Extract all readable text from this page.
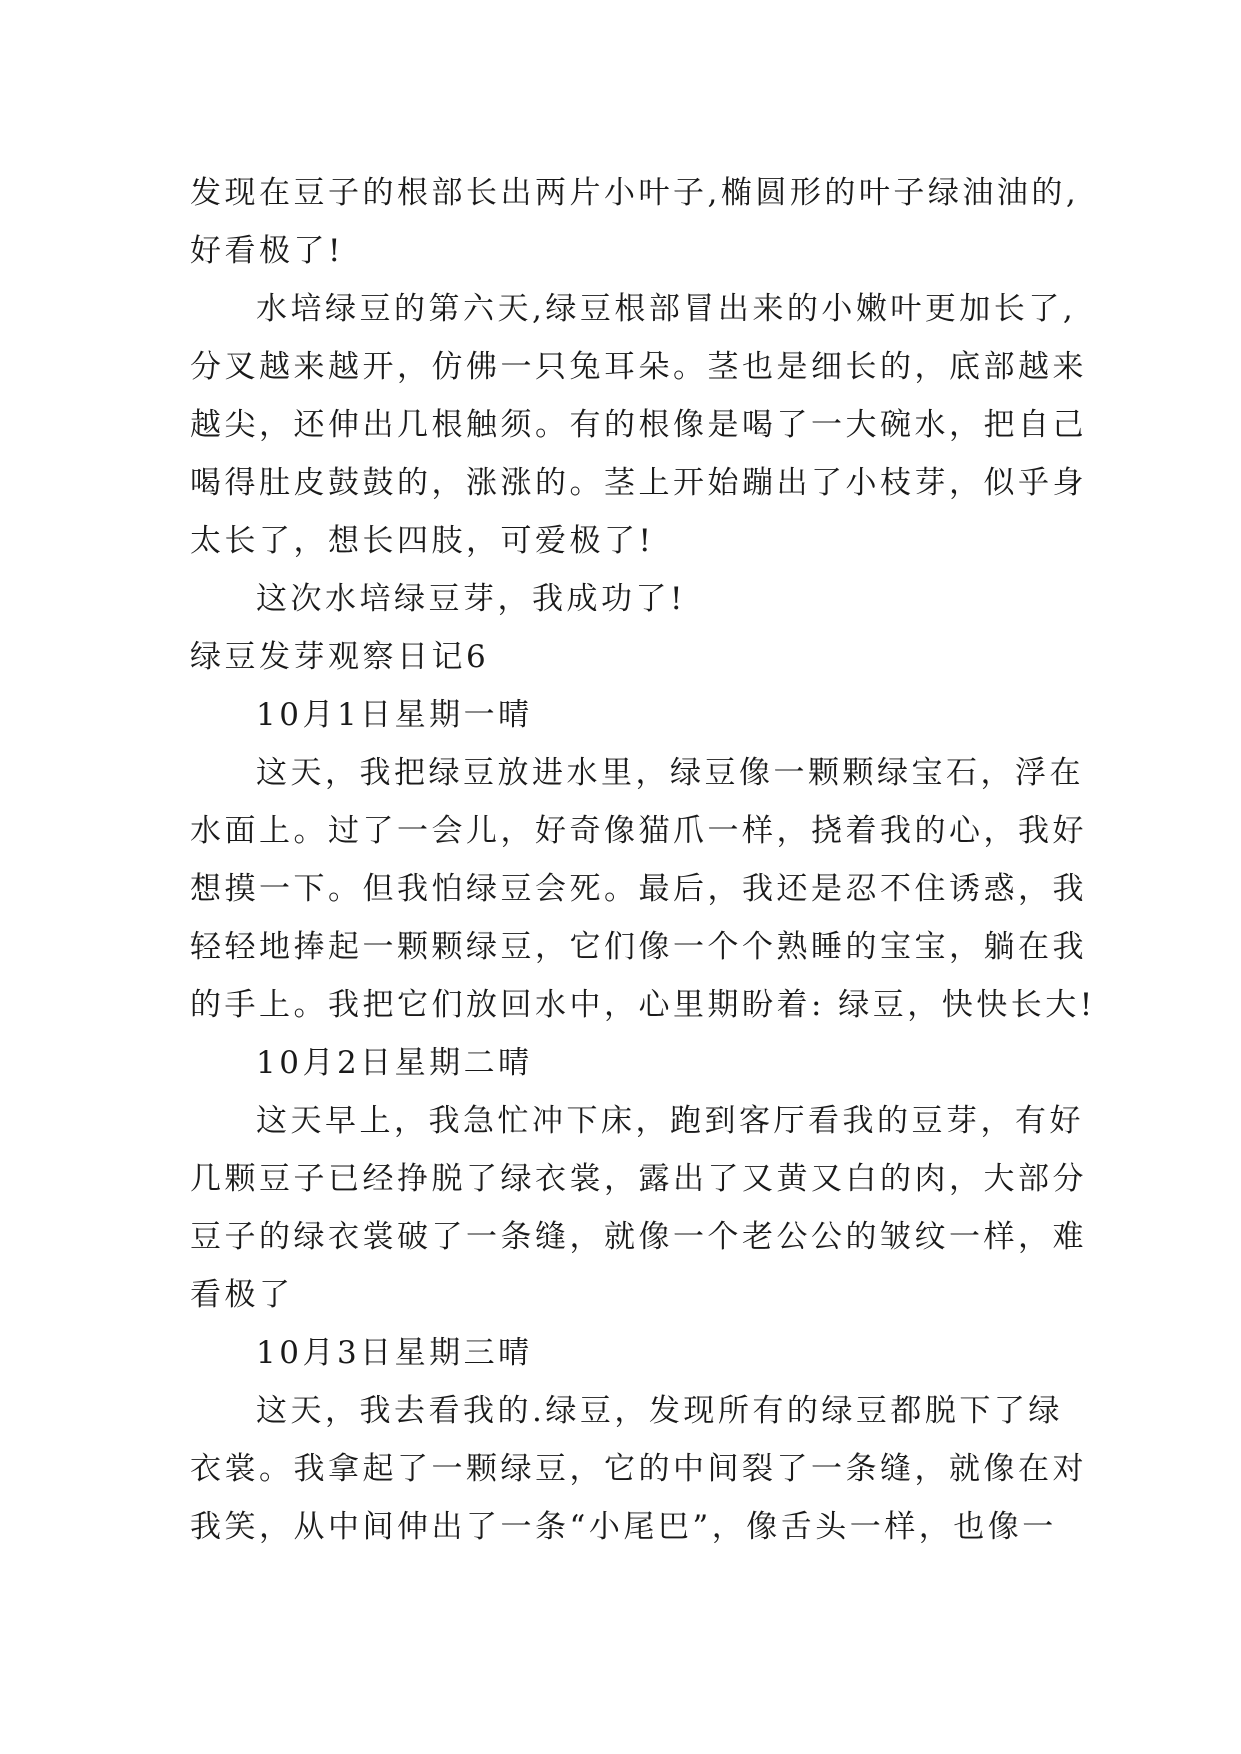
发现在豆子的根部长出两片小叶子,椭圆形的叶子绿油油的,
好看极了!
水培绿豆的第六天,绿豆根部冒出来的小嫩叶更加长了,
分叉越来越开，仿佛一只兔耳朵。茎也是细长的，底部越来
越尖，还伸出几根触须。有的根像是喝了一大碗水，把自己
喝得肚皮鼓鼓的，涨涨的。茎上开始蹦出了小枝芽，似乎身
太长了，想长四肢，可爱极了!
这次水培绿豆芽，我成功了!
绿豆发芽观察日记6
10月1日星期一晴
这天，我把绿豆放进水里，绿豆像一颗颗绿宝石，浮在
水面上。过了一会儿，好奇像猫爪一样，挠着我的心，我好
想摸一下。但我怕绿豆会死。最后，我还是忍不住诱惑，我
轻轻地捧起一颗颗绿豆，它们像一个个熟睡的宝宝，躺在我
的手上。我把它们放回水中，心里期盼着: 绿豆，快快长大!
10月2日星期二晴
这天早上，我急忙冲下床，跑到客厅看我的豆芽，有好
几颗豆子已经挣脱了绿衣裳，露出了又黄又白的肉，大部分
豆子的绿衣裳破了一条缝，就像一个老公公的皱纹一样，难
看极了
10月3日星期三晴
这天，我去看我的.绿豆，发现所有的绿豆都脱下了绿
衣裳。我拿起了一颗绿豆，它的中间裂了一条缝，就像在对
我笑，从中间伸出了一条“小尾巴”，像舌头一样，也像一
